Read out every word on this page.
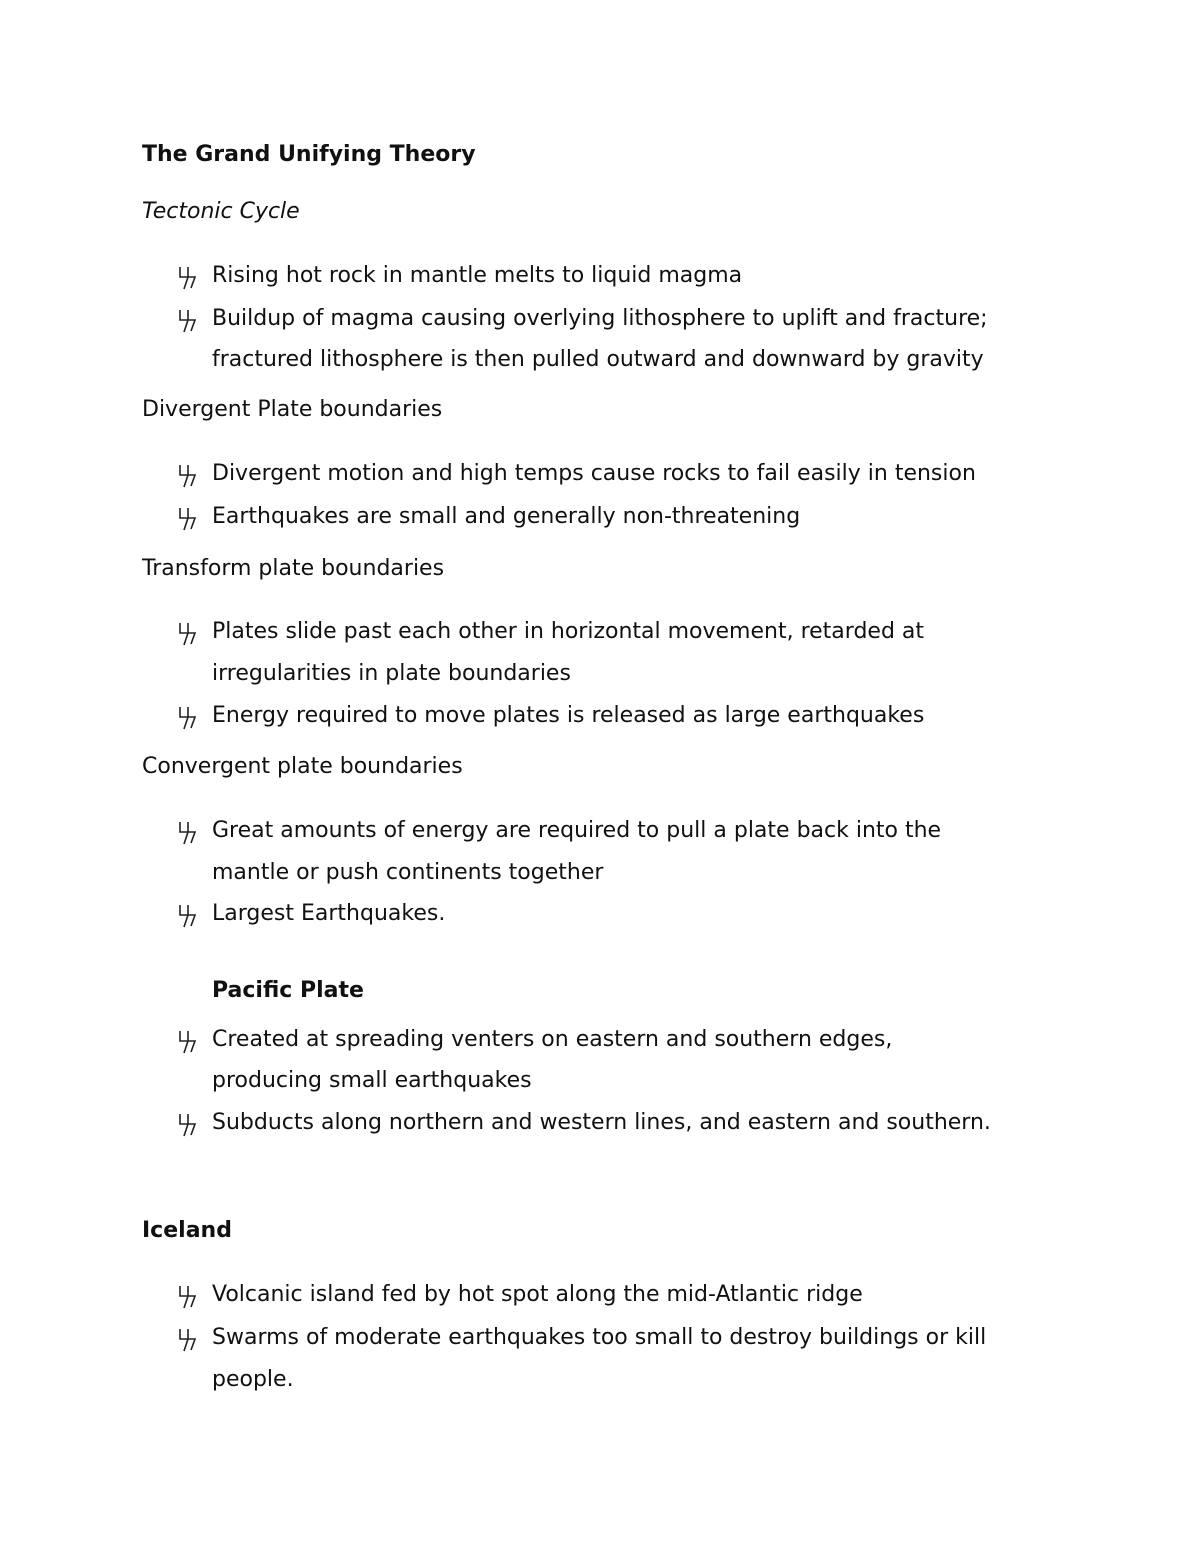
The Grand Unifying Theory
Tectonic Cycle
Rising hot rock in mantle melts to liquid magma
Buildup of magma causing overlying lithosphere to uplift and fracture;
fractured lithosphere is then pulled outward and downward by gravity
Divergent Plate boundaries
Divergent motion and high temps cause rocks to fail easily in tension
Earthquakes are small and generally non-threatening
Transform plate boundaries
Plates slide past each other in horizontal movement, retarded at
irregularities in plate boundaries
Energy required to move plates is released as large earthquakes
Convergent plate boundaries
Great amounts of energy are required to pull a plate back into the
mantle or push continents together
Largest Earthquakes.
Pacific Plate
Created at spreading venters on eastern and southern edges,
producing small earthquakes
Subducts along northern and western lines, and eastern and southern.
Iceland
Volcanic island fed by hot spot along the mid-Atlantic ridge
Swarms of moderate earthquakes too small to destroy buildings or kill
people.
